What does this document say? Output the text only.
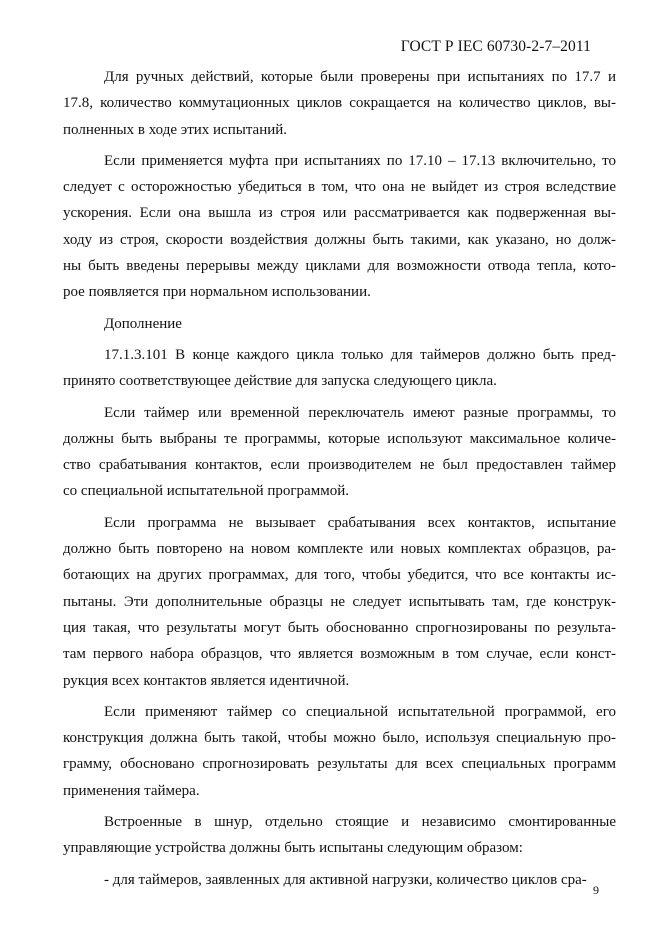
ГОСТ Р IEC 60730-2-7–2011
Для ручных действий, которые были проверены при испытаниях по 17.7 и
17.8, количество коммутационных циклов сокращается на количество циклов, вы-
полненных в ходе этих испытаний.
Если применяется муфта при испытаниях по 17.10 – 17.13 включительно, то
следует с осторожностью убедиться в том, что она не выйдет из строя вследствие
ускорения. Если она вышла из строя или рассматривается как подверженная вы-
ходу из строя, скорости воздействия должны быть такими, как указано, но долж-
ны быть введены перерывы между циклами для возможности отвода тепла, кото-
рое появляется при нормальном использовании.
Дополнение
17.1.3.101 В конце каждого цикла только для таймеров должно быть пред-
принято соответствующее действие для запуска следующего цикла.
Если таймер или временной переключатель имеют разные программы, то
должны быть выбраны те программы, которые используют максимальное количе-
ство срабатывания контактов, если производителем не был предоставлен таймер
со специальной испытательной программой.
Если программа не вызывает срабатывания всех контактов, испытание
должно быть повторено на новом комплекте или новых комплектах образцов, ра-
ботающих на других программах, для того, чтобы убедится, что все контакты ис-
пытаны. Эти дополнительные образцы не следует испытывать там, где конструк-
ция такая, что результаты могут быть обоснованно спрогнозированы по результа-
там первого набора образцов, что является возможным в том случае, если конст-
рукция всех контактов является идентичной.
Если применяют таймер со специальной испытательной программой, его
конструкция должна быть такой, чтобы можно было, используя специальную про-
грамму, обосновано спрогнозировать результаты для всех специальных программ
применения таймера.
Встроенные в шнур, отдельно стоящие и независимо смонтированные
управляющие устройства должны быть испытаны следующим образом:
- для таймеров, заявленных для активной нагрузки, количество циклов сра-
9
